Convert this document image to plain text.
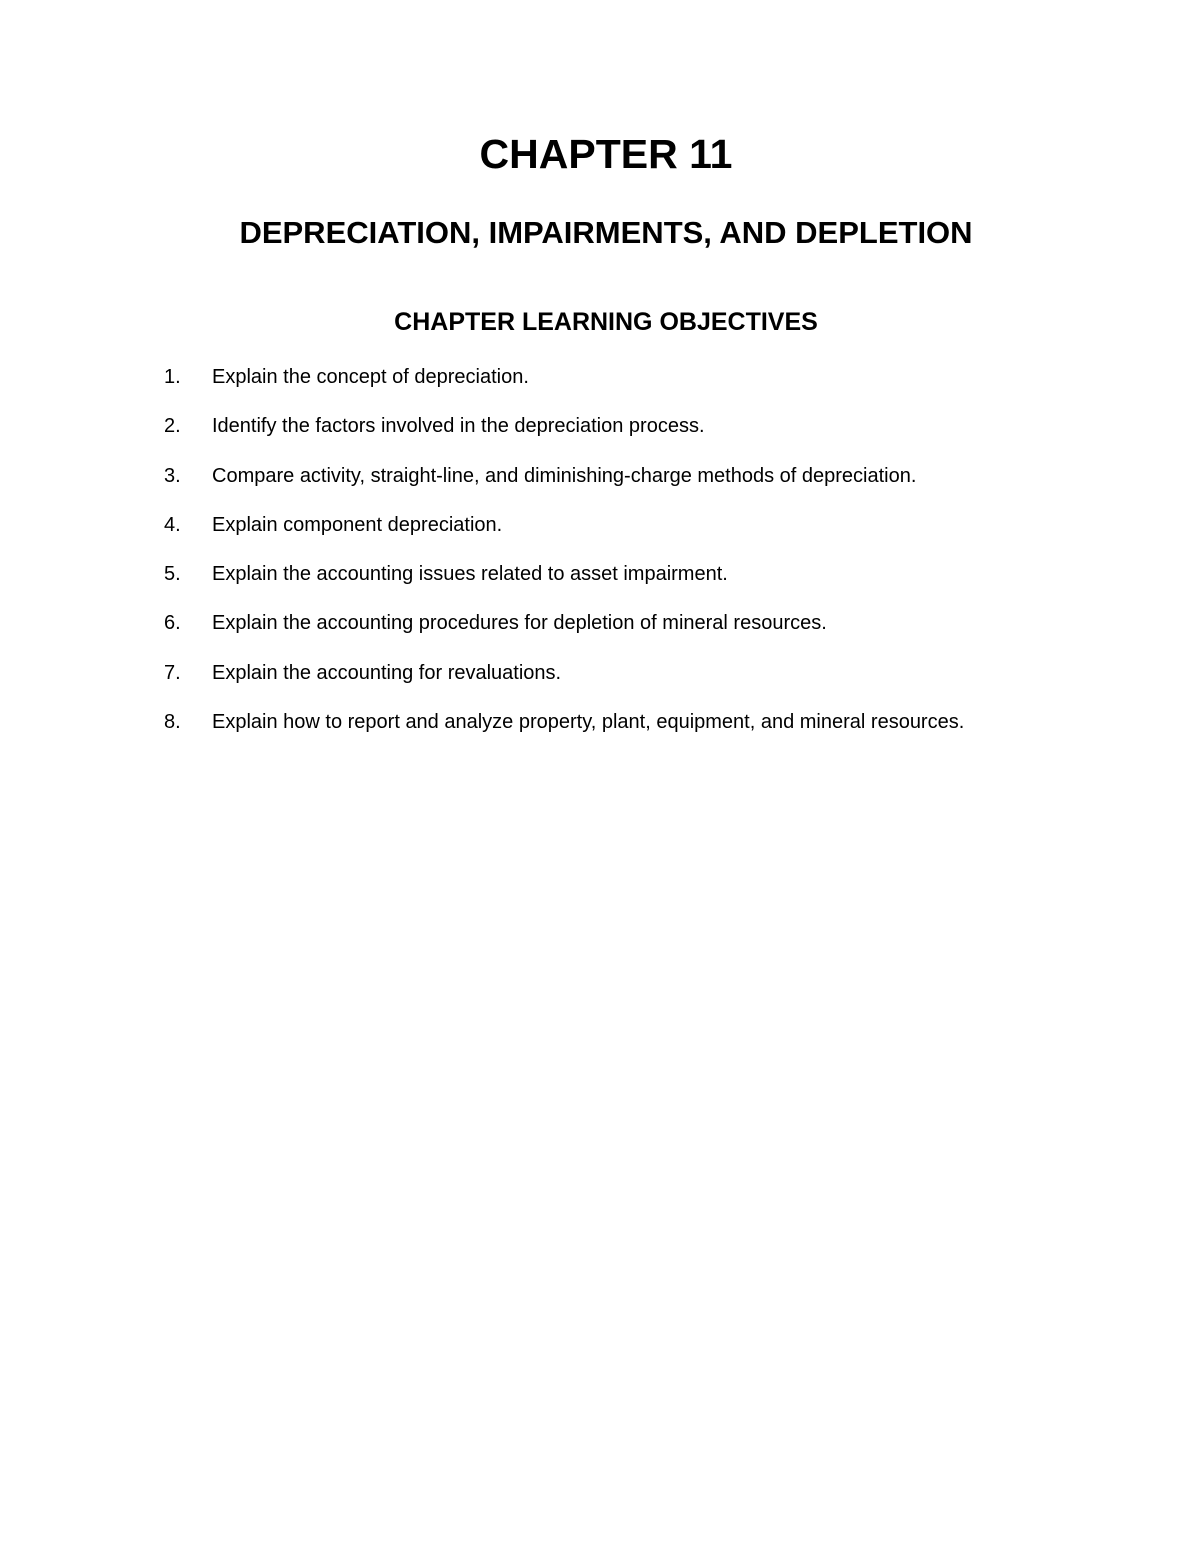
CHAPTER 11
DEPRECIATION, IMPAIRMENTS, AND DEPLETION
CHAPTER LEARNING OBJECTIVES
1. Explain the concept of depreciation.
2. Identify the factors involved in the depreciation process.
3. Compare activity, straight-line, and diminishing-charge methods of depreciation.
4. Explain component depreciation.
5. Explain the accounting issues related to asset impairment.
6. Explain the accounting procedures for depletion of mineral resources.
7. Explain the accounting for revaluations.
8. Explain how to report and analyze property, plant, equipment, and mineral resources.
